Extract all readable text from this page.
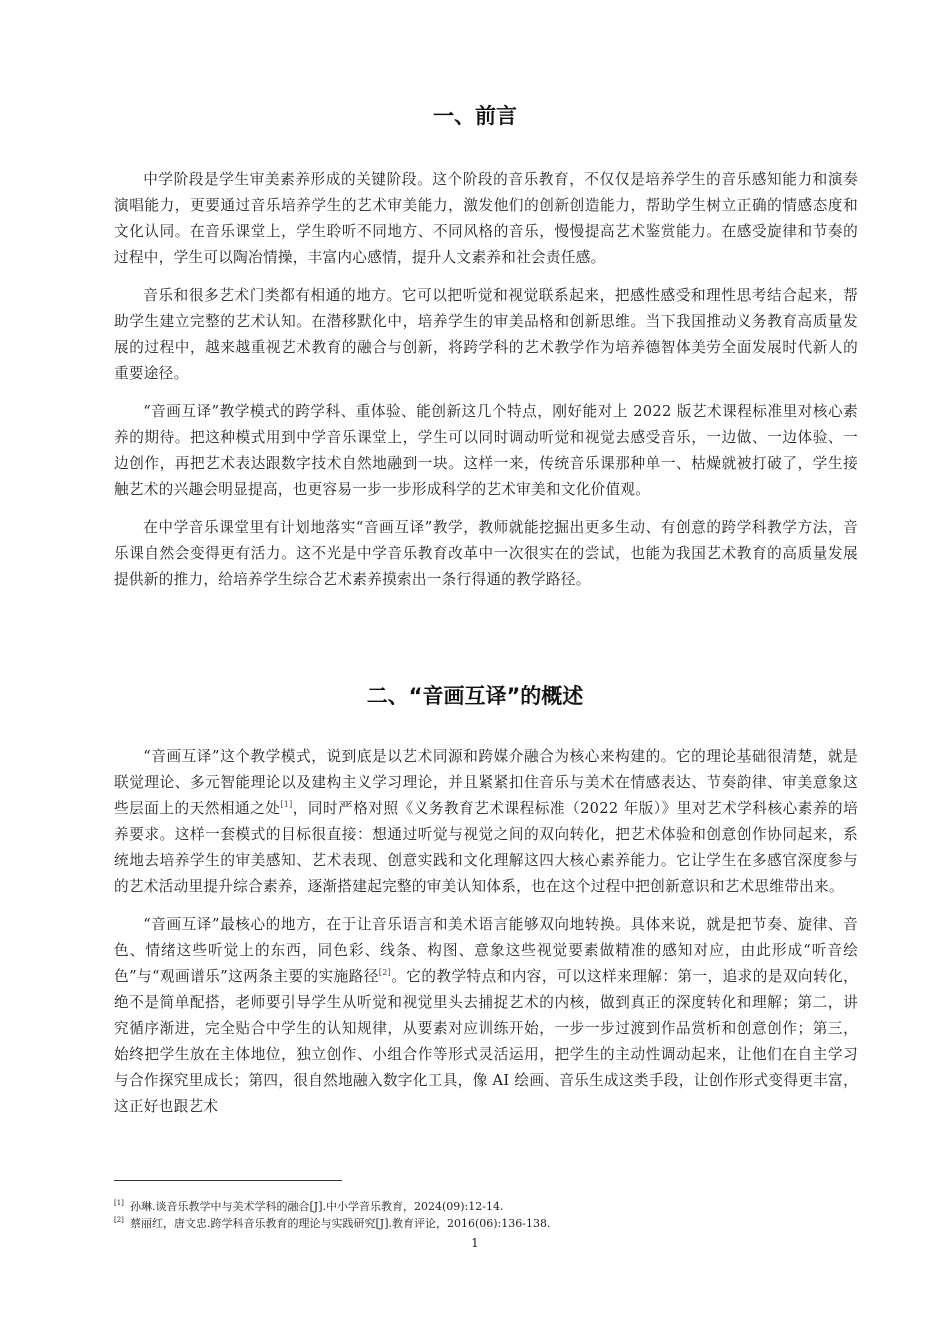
一、前言

中学阶段是学生审美素养形成的关键阶段。这个阶段的音乐教育，不仅仅是培养学生的音乐感知能力和演奏演唱能力，更要通过音乐培养学生的艺术审美能力，激发他们的创新创造能力，帮助学生树立正确的情感态度和文化认同。在音乐课堂上，学生聆听不同地方、不同风格的音乐，慢慢提高艺术鉴赏能力。在感受旋律和节奏的过程中，学生可以陶冶情操，丰富内心感情，提升人文素养和社会责任感。

音乐和很多艺术门类都有相通的地方。它可以把听觉和视觉联系起来，把感性感受和理性思考结合起来，帮助学生建立完整的艺术认知。在潜移默化中，培养学生的审美品格和创新思维。当下我国推动义务教育高质量发展的过程中，越来越重视艺术教育的融合与创新，将跨学科的艺术教学作为培养德智体美劳全面发展时代新人的重要途径。

“音画互译”教学模式的跨学科、重体验、能创新这几个特点，刚好能对上 2022 版艺术课程标准里对核心素养的期待。把这种模式用到中学音乐课堂上，学生可以同时调动听觉和视觉去感受音乐，一边做、一边体验、一边创作，再把艺术表达跟数字技术自然地融到一块。这样一来，传统音乐课那种单一、枯燥就被打破了，学生接触艺术的兴趣会明显提高，也更容易一步一步形成科学的艺术审美和文化价值观。

在中学音乐课堂里有计划地落实“音画互译”教学，教师就能挖掘出更多生动、有创意的跨学科教学方法，音乐课自然会变得更有活力。这不光是中学音乐教育改革中一次很实在的尝试，也能为我国艺术教育的高质量发展提供新的推力，给培养学生综合艺术素养摸索出一条行得通的教学路径。

二、“音画互译”的概述

“音画互译”这个教学模式，说到底是以艺术同源和跨媒介融合为核心来构建的。它的理论基础很清楚，就是联觉理论、多元智能理论以及建构主义学习理论，并且紧紧扣住音乐与美术在情感表达、节奏韵律、审美意象这些层面上的天然相通之处[1]，同时严格对照《义务教育艺术课程标准（2022 年版）》里对艺术学科核心素养的培养要求。这样一套模式的目标很直接：想通过听觉与视觉之间的双向转化，把艺术体验和创意创作协同起来，系统地去培养学生的审美感知、艺术表现、创意实践和文化理解这四大核心素养能力。它让学生在多感官深度参与的艺术活动里提升综合素养，逐渐搭建起完整的审美认知体系，也在这个过程中把创新意识和艺术思维带出来。

“音画互译”最核心的地方，在于让音乐语言和美术语言能够双向地转换。具体来说，就是把节奏、旋律、音色、情绪这些听觉上的东西，同色彩、线条、构图、意象这些视觉要素做精准的感知对应，由此形成“听音绘色”与“观画谱乐”这两条主要的实施路径[2]。它的教学特点和内容，可以这样来理解：第一，追求的是双向转化，绝不是简单配搭，老师要引导学生从听觉和视觉里头去捕捉艺术的内核，做到真正的深度转化和理解；第二，讲究循序渐进，完全贴合中学生的认知规律，从要素对应训练开始，一步一步过渡到作品赏析和创意创作；第三，始终把学生放在主体地位，独立创作、小组合作等形式灵活运用，把学生的主动性调动起来，让他们在自主学习与合作探究里成长；第四，很自然地融入数字化工具，像 AI 绘画、音乐生成这类手段，让创作形式变得更丰富，这正好也跟艺术

[1] 孙琳.谈音乐教学中与美术学科的融合[J].中小学音乐教育，2024(09):12-14.
[2] 蔡丽红，唐文忠.跨学科音乐教育的理论与实践研究[J].教育评论，2016(06):136-138.
1
